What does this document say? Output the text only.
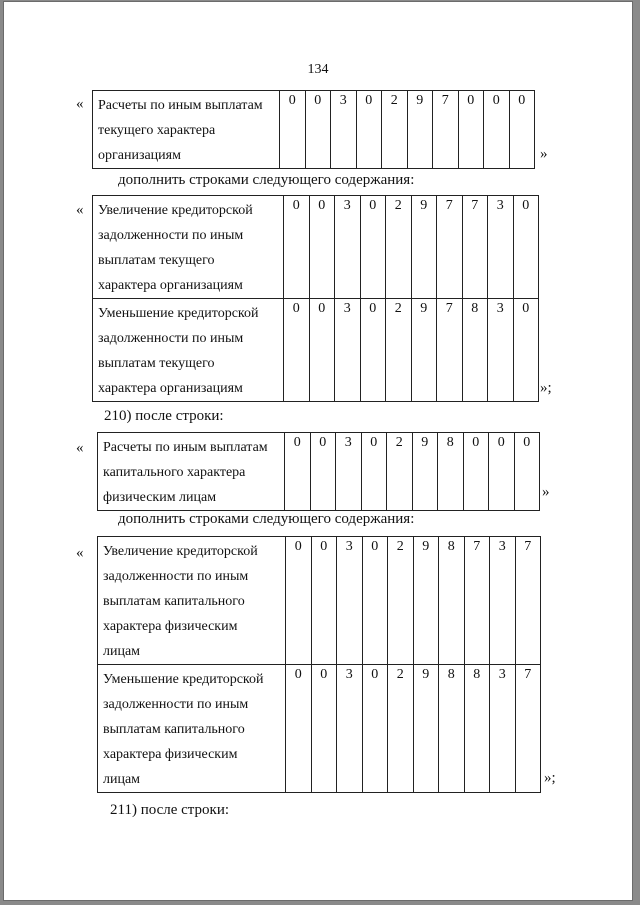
134
« Расчеты по иным выплатам
текущего характера
организациям
	0	0	3	0	2	9	7	0	0	0
»
дополнить строками следующего содержания:
« Увеличение кредиторской
задолженности по иным
выплатам текущего
характера организациям	0	0	3	0	2	9	7	7	3	0

Уменьшение кредиторской
задолженности по иным
выплатам текущего
характера организациям	0	0	3	0	2	9	7	8	3	0
»;
210) после строки:
« Расчеты по иным выплатам
капитального характера
физическим лицам
	0	0	3	0	2	9	8	0	0	0
»
дополнить строками следующего содержания:
« Увеличение кредиторской
задолженности по иным
выплатам капитального
характера физическим
лицам	0	0	3	0	2	9	8	7	3	7

Уменьшение кредиторской
задолженности по иным
выплатам капитального
характера физическим
лицам	0	0	3	0	2	9	8	8	3	7
»;
211) после строки:
